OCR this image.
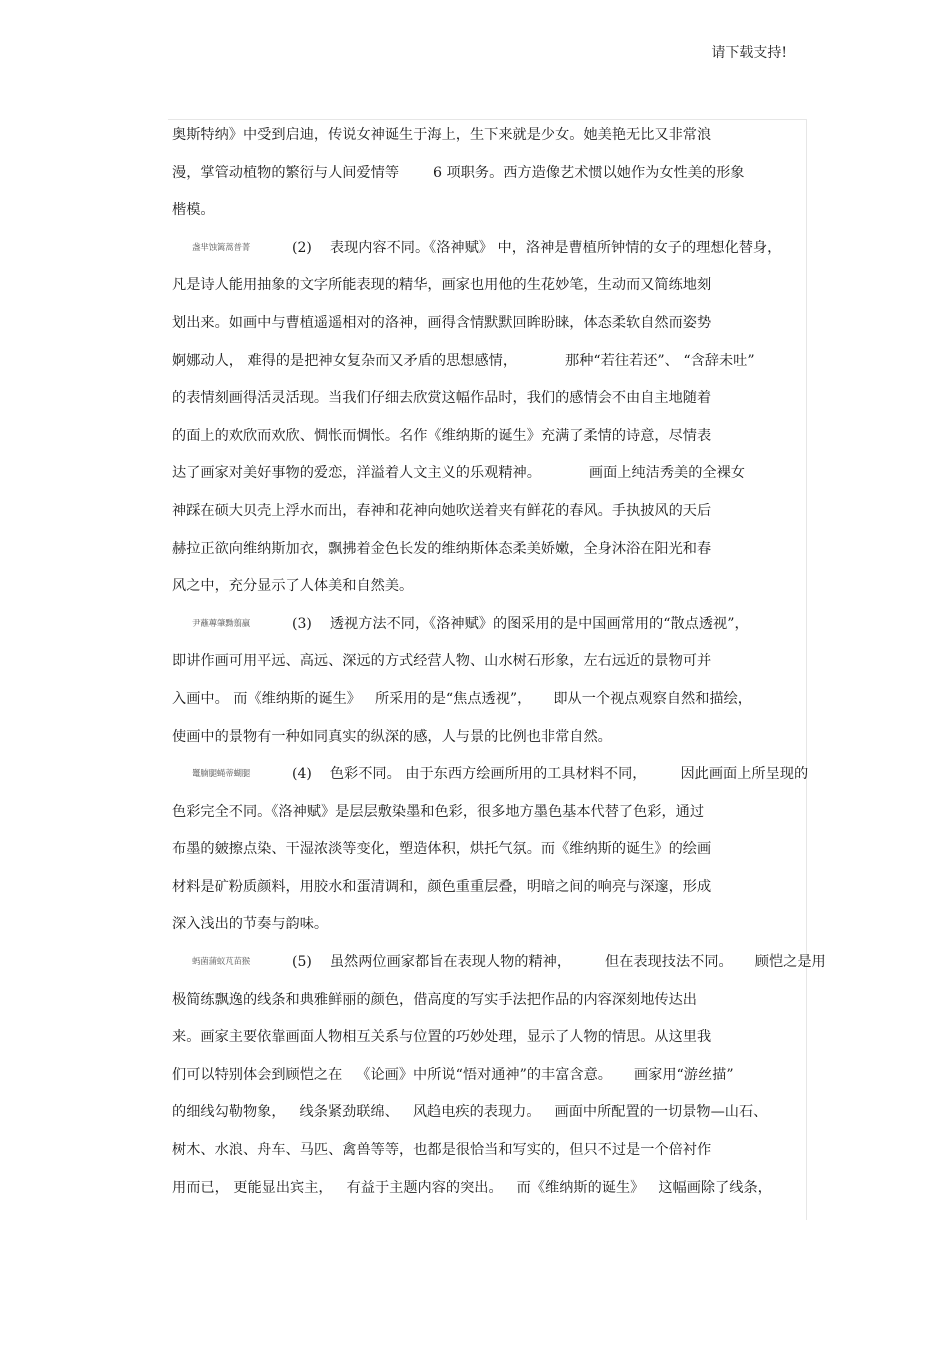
请下载支持!
奥斯特纳》中受到启迪，传说女神诞生于海上，生下来就是少女。她美艳无比又非常浪
漫，掌管动植物的繁衍与人间爱情等 6 项职务。西方造像艺术惯以她作为女性美的形象
楷模。
盏芈蚀篱蒿普菁	(2) 表现内容不同。《洛神赋》 中，洛神是曹植所钟情的女子的理想化替身，
凡是诗人能用抽象的文字所能表现的精华，画家也用他的生花妙笔，生动而又简练地刻
划出来。如画中与曹植遥遥相对的洛神，画得含情默默回眸盼睐，体态柔软自然而姿势
婀娜动人， 难得的是把神女复杂而又矛盾的思想感情，	那种“若往若还”、 “含辞未吐”
的表情刻画得活灵活现。当我们仔细去欣赏这幅作品时，我们的感情会不由自主地随着
的面上的欢欣而欢欣、惆怅而惆怅。名作《维纳斯的诞生》充满了柔情的诗意，尽情表
达了画家对美好事物的爱恋，洋溢着人文主义的乐观精神。	画面上纯洁秀美的全裸女
神踩在硕大贝壳上浮水而出，春神和花神向她吹送着夹有鲜花的春风。手执披风的天后
赫拉正欲向维纳斯加衣，飘拂着金色长发的维纳斯体态柔美娇嫩，全身沐浴在阳光和春
风之中，充分显示了人体美和自然美。
尹蘸蓴肇黝翦羸	(3) 透视方法不同，《洛神赋》的图采用的是中国画常用的“散点透视”，
即讲作画可用平远、高远、深远的方式经营人物、山水树石形象，左右远近的景物可并
入画中。 而《维纳斯的诞生》 所采用的是“焦点透视”， 即从一个视点观察自然和描绘，
使画中的景物有一种如同真实的纵深的感，人与景的比例也非常自然。
鼍腩腿蝇蒂蝴腿	(4) 色彩不同。 由于东西方绘画所用的工具材料不同， 因此画面上所呈现的
色彩完全不同。《洛神赋》是层层敷染墨和色彩，很多地方墨色基本代替了色彩，通过
布墨的皴擦点染、干湿浓淡等变化，塑造体积，烘托气氛。而《维纳斯的诞生》的绘画
材料是矿粉质颜料，用胶水和蛋清调和，颜色重重层叠，明暗之间的响亮与深邃，形成
深入浅出的节奏与韵味。
蚂菌蒲蚁芃苗猴	(5) 虽然两位画家都旨在表现人物的精神， 但在表现技法不同。 顾恺之是用
极简练飘逸的线条和典雅鲜丽的颜色，借高度的写实手法把作品的内容深刻地传达出
来。画家主要依靠画面人物相互关系与位置的巧妙处理，显示了人物的情思。从这里我
们可以特别体会到顾恺之在 《论画》中所说“悟对通神”的丰富含意。 画家用“游丝描”
的细线勾勒物象， 线条紧劲联绵、 风趋电疾的表现力。 画面中所配置的一切景物—山石、
树木、水浪、舟车、马匹、禽兽等等，也都是很恰当和写实的，但只不过是一个倍衬作
用而已， 更能显出宾主， 有益于主题内容的突出。 而《维纳斯的诞生》 这幅画除了线条，
